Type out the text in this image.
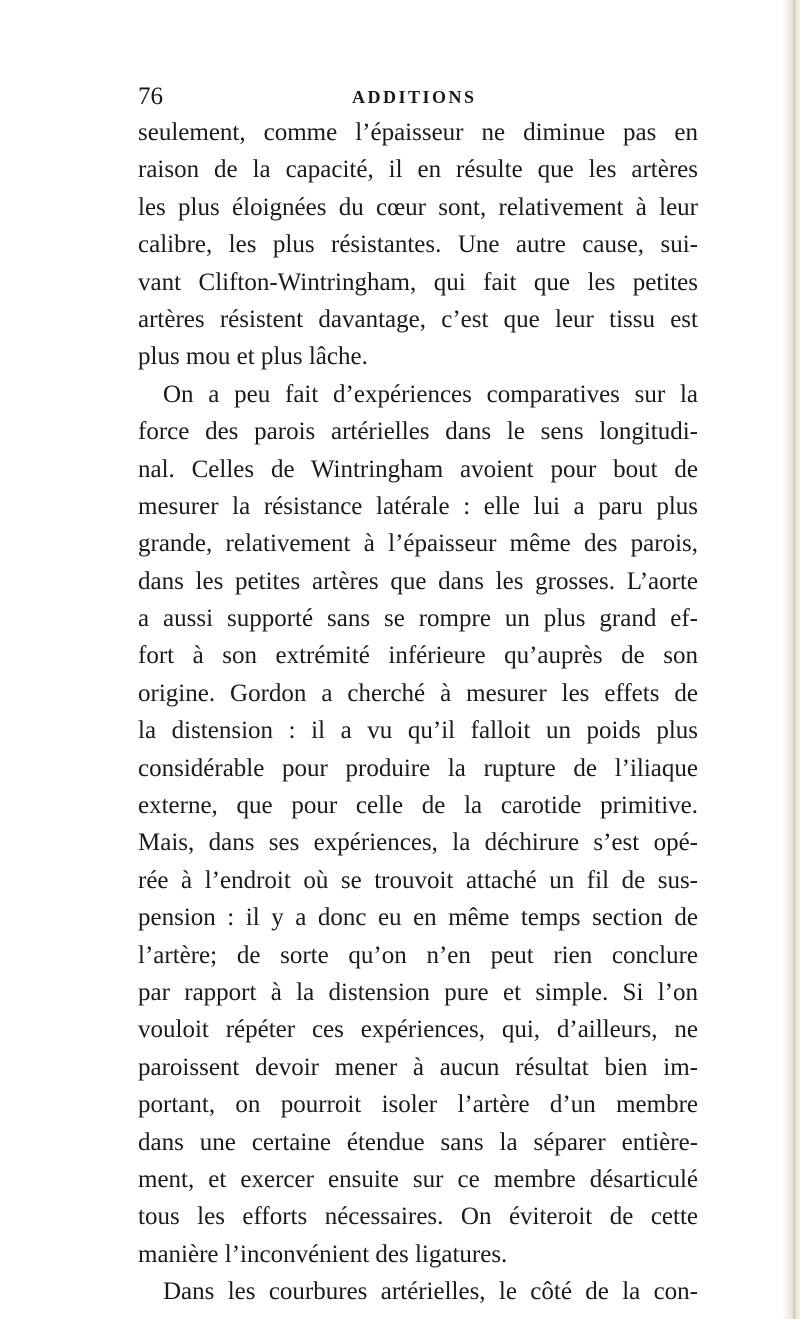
76	ADDITIONS
seulement, comme l’épaisseur ne diminue pas en
raison de la capacité, il en résulte que les artères
les plus éloignées du cœur sont, relativement à leur
calibre, les plus résistantes. Une autre cause, sui-
vant Clifton-Wintringham, qui fait que les petites
artères résistent davantage, c’est que leur tissu est
plus mou et plus lâche.
On a peu fait d’expériences comparatives sur la
force des parois artérielles dans le sens longitudi-
nal. Celles de Wintringham avoient pour bout de
mesurer la résistance latérale : elle lui a paru plus
grande, relativement à l’épaisseur même des parois,
dans les petites artères que dans les grosses. L’aorte
a aussi supporté sans se rompre un plus grand ef-
fort à son extrémité inférieure qu’auprès de son
origine. Gordon a cherché à mesurer les effets de
la distension : il a vu qu’il falloit un poids plus
considérable pour produire la rupture de l’iliaque
externe, que pour celle de la carotide primitive.
Mais, dans ses expériences, la déchirure s’est opé-
rée à l’endroit où se trouvoit attaché un fil de sus-
pension : il y a donc eu en même temps section de
l’artère; de sorte qu’on n’en peut rien conclure
par rapport à la distension pure et simple. Si l’on
vouloit répéter ces expériences, qui, d’ailleurs, ne
paroissent devoir mener à aucun résultat bien im-
portant, on pourroit isoler l’artère d’un membre
dans une certaine étendue sans la séparer entière-
ment, et exercer ensuite sur ce membre désarticulé
tous les efforts nécessaires. On éviteroit de cette
manière l’inconvénient des ligatures.
Dans les courbures artérielles, le côté de la con-
